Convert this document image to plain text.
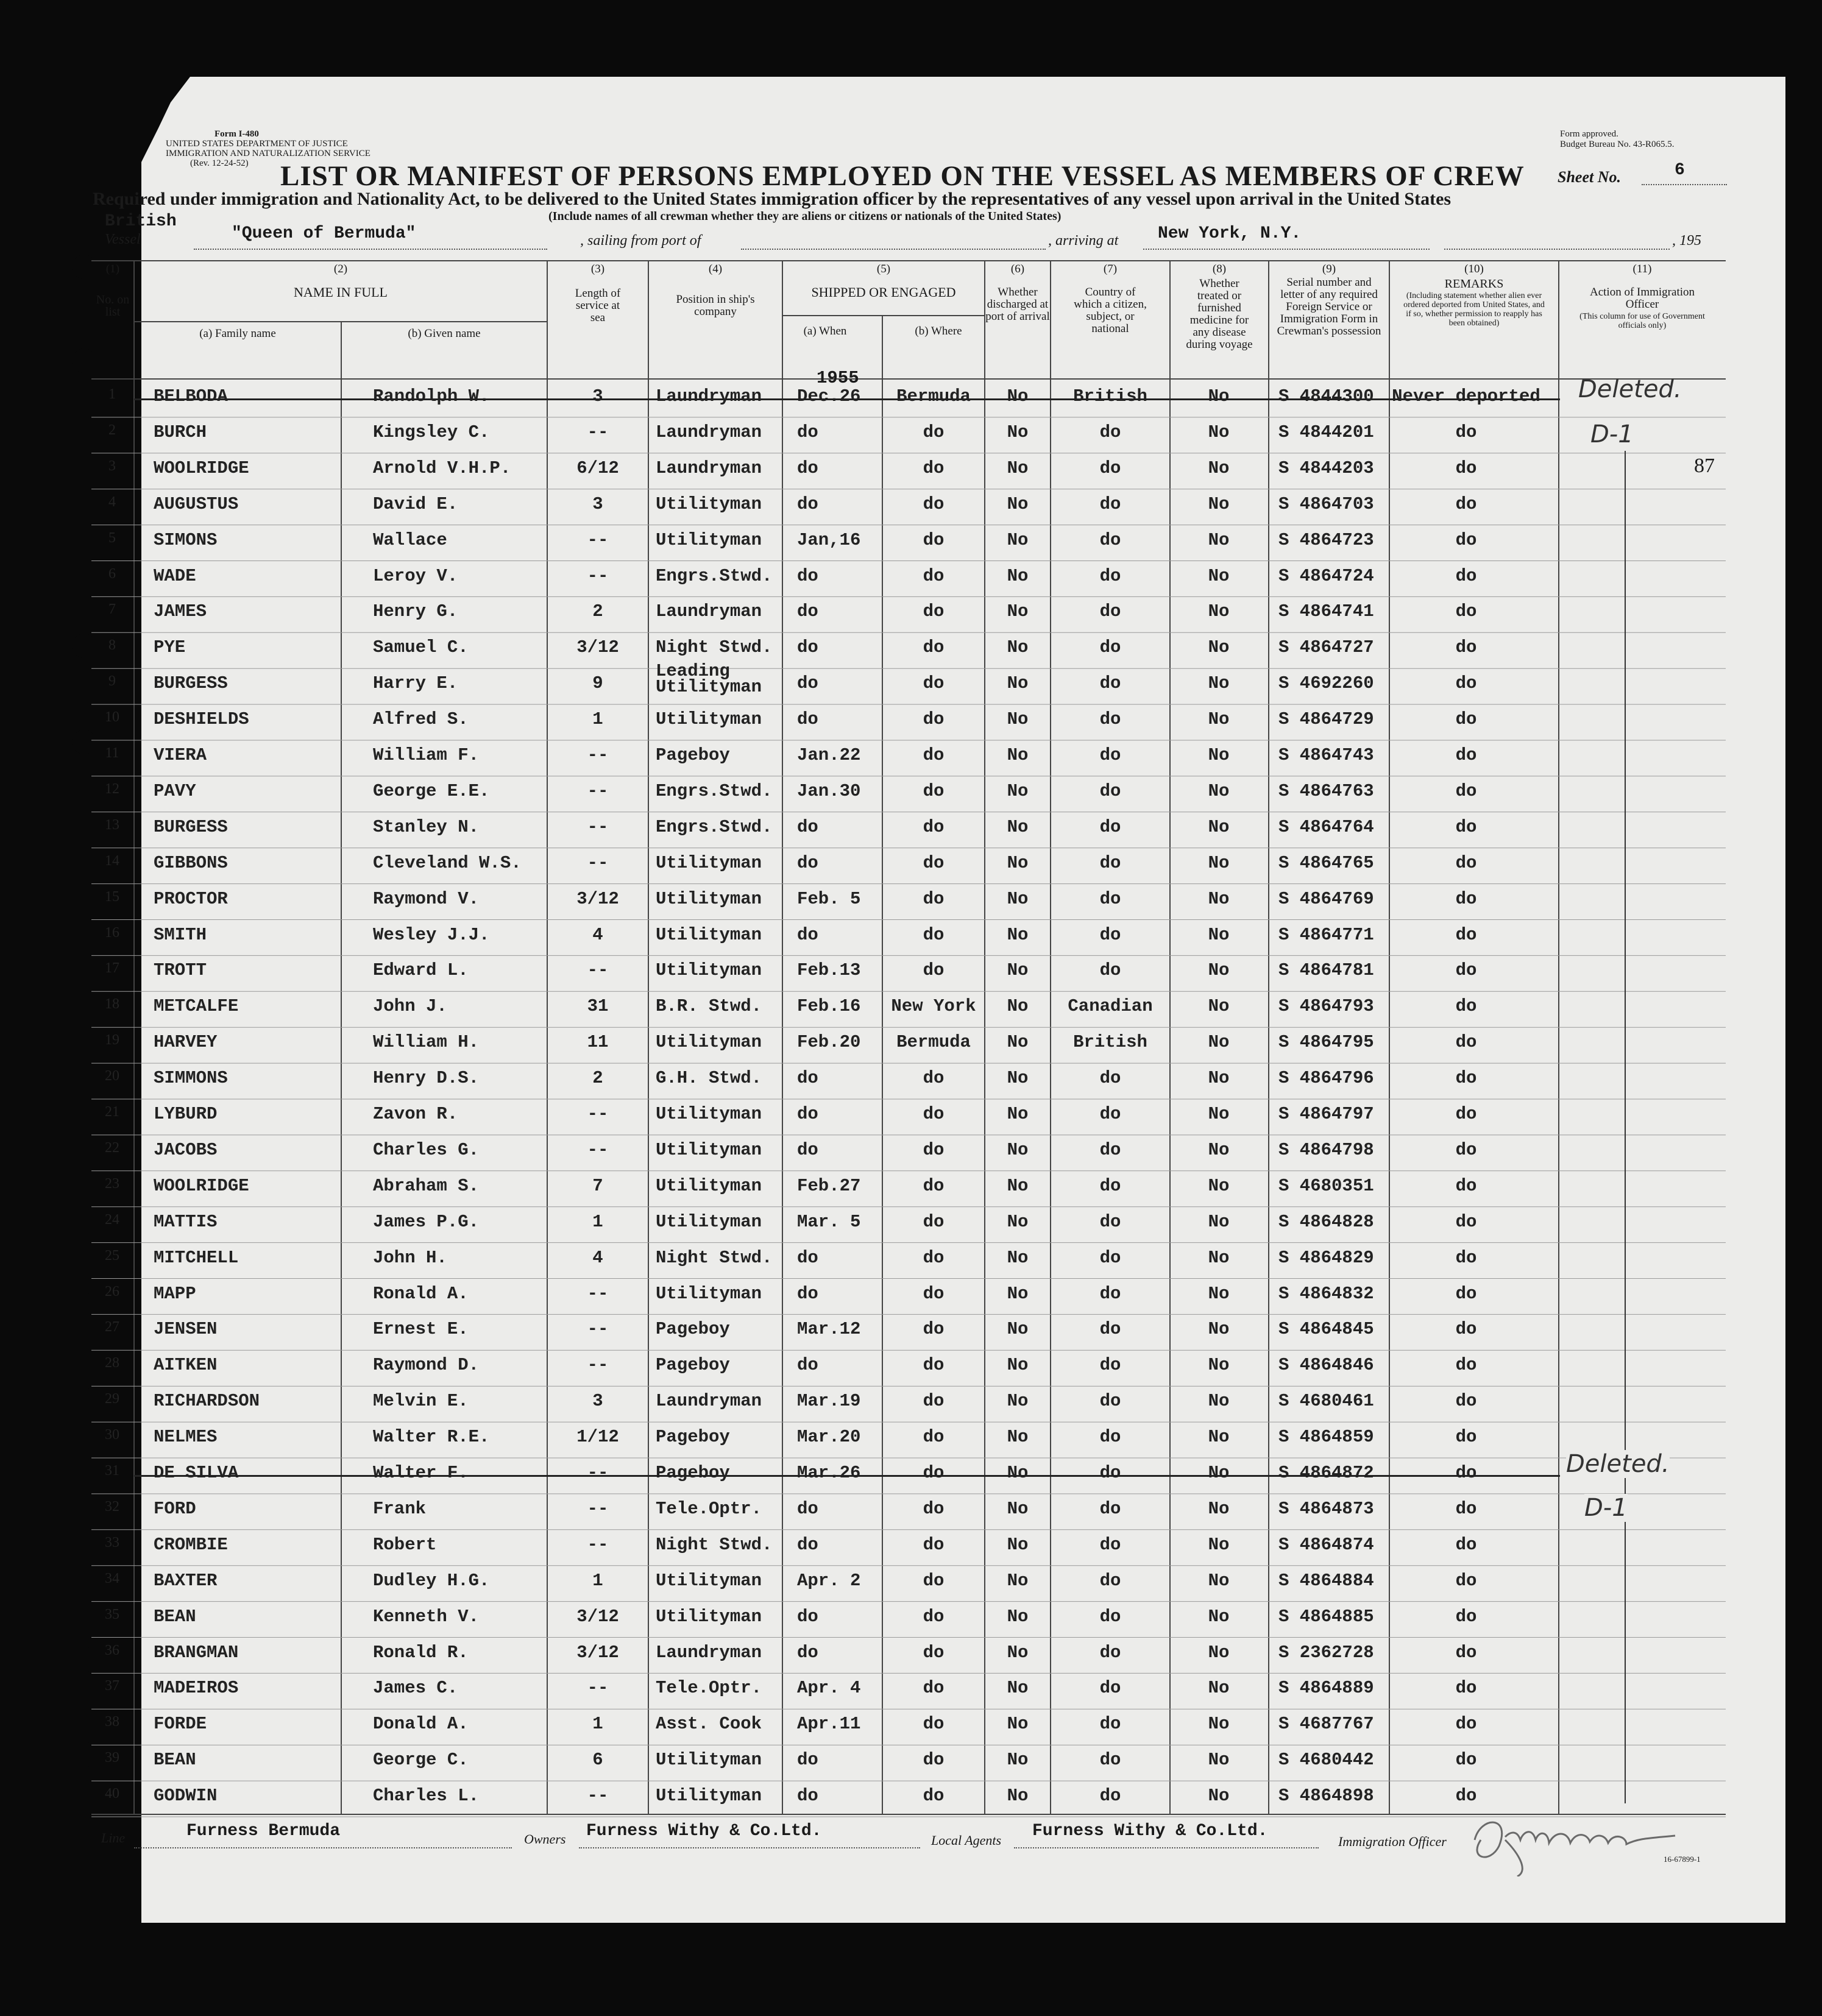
Form I-480
UNITED STATES DEPARTMENT OF JUSTICE
IMMIGRATION AND NATURALIZATION SERVICE
(Rev. 12-24-52)
Form approved.
Budget Bureau No. 43-R065.5.
LIST OR MANIFEST OF PERSONS EMPLOYED ON THE VESSEL AS MEMBERS OF CREW Sheet No.	6
Required under immigration and Nationality Act, to be delivered to the United States immigration officer by the representatives of any vessel upon arrival in the United States
British	(Include names of all crewman whether they are aliens or citizens or nationals of the United States)
Vessel	"Queen of Bermuda"	, sailing from port of	, arriving at New York, N.Y.	, 195
(1)
No. on list
(2)
NAME IN FULL
(a) Family name	(b) Given name
(3)
Length of service at sea
(4)
Position in ship's company
(5)
SHIPPED OR ENGAGED
(a) When	(b) Where
(6)
Whether discharged at port of arrival
(7)
Country of which a citizen, subject, or national
(8)
Whether treated or furnished medicine for any disease during voyage
(9)
Serial number and letter of any required Foreign Service or Immigration Form in Crewman's possession
(10)
REMARKS
(Including statement whether alien ever ordered deported from United States, and if so, whether permission to reapply has been obtained)
(11)
Action of Immigration Officer
(This column for use of Government officials only)
1955
1 BELBODA	Randolph W.	3	Laundryman Dec.26 Bermuda No	British	No	S 4844300 Never deported
2 BURCH	Kingsley C.	--	Laundryman do	do	No	do	No	S 4844201	do
3 WOOLRIDGE	Arnold V.H.P.	6/12 Laundryman do	do	No	do	No	S 4844203	do
4 AUGUSTUS	David E.	3	Utilityman do	do	No	do	No	S 4864703	do
5 SIMONS	Wallace	--	Utilityman Jan,16	do	No	do	No	S 4864723	do
6 WADE	Leroy V.	--	Engrs.Stwd. do	do	No	do	No	S 4864724	do
7 JAMES	Henry G.	2	Laundryman do	do	No	do	No	S 4864741	do
8 PYE	Samuel C.	3/12 Night Stwd. do	do	No	do	No	S 4864727	do
9 BURGESS	Harry E.	9
Leading Utilityman	do	do	No	do	No	S 4692260	do
10 DESHIELDS	Alfred S.	1	Utilityman do	do	No	do	No	S 4864729	do
11 VIERA	William F.	--	Pageboy	Jan.22	do	No	do	No	S 4864743	do
12 PAVY	George E.E.	--	Engrs.Stwd. Jan.30	do	No	do	No	S 4864763	do
13 BURGESS	Stanley N.	--	Engrs.Stwd. do	do	No	do	No	S 4864764	do
14 GIBBONS	Cleveland W.S.	--	Utilityman do	do	No	do	No	S 4864765	do
15 PROCTOR	Raymond V.	3/12 Utilityman Feb. 5	do	No	do	No	S 4864769	do
16 SMITH	Wesley J.J.	4	Utilityman do	do	No	do	No	S 4864771	do
17 TROTT	Edward L.	--	Utilityman Feb.13	do	No	do	No	S 4864781	do
18 METCALFE	John J.	31	B.R. Stwd. Feb.16 New York No Canadian	No	S 4864793	do
19 HARVEY	William H.	11	Utilityman Feb.20 Bermuda No	British	No	S 4864795	do
20 SIMMONS	Henry D.S.	2	G.H. Stwd. do	do	No	do	No	S 4864796	do
21 LYBURD	Zavon R.	--	Utilityman do	do	No	do	No	S 4864797	do
22 JACOBS	Charles G.	--	Utilityman do	do	No	do	No	S 4864798	do
23 WOOLRIDGE	Abraham S.	7	Utilityman Feb.27	do	No	do	No	S 4680351	do
24 MATTIS	James P.G.	1	Utilityman Mar. 5	do	No	do	No	S 4864828	do
25 MITCHELL	John H.	4	Night Stwd. do	do	No	do	No	S 4864829	do
26 MAPP	Ronald A.	--	Utilityman do	do	No	do	No	S 4864832	do
27 JENSEN	Ernest E.	--	Pageboy	Mar.12	do	No	do	No	S 4864845	do
28 AITKEN	Raymond D.	--	Pageboy	do	do	No	do	No	S 4864846	do
29 RICHARDSON	Melvin E.	3	Laundryman Mar.19	do	No	do	No	S 4680461	do
30 NELMES	Walter R.E.	1/12 Pageboy	Mar.20	do	No	do	No	S 4864859	do
31 DE SILVA	Walter F.	--	Pageboy	Mar.26	do	No	do	No	S 4864872	do
32 FORD	Frank	--	Tele.Optr. do	do	No	do	No	S 4864873	do
33 CROMBIE	Robert	--	Night Stwd. do	do	No	do	No	S 4864874	do
34 BAXTER	Dudley H.G.	1	Utilityman Apr. 2	do	No	do	No	S 4864884	do
35 BEAN	Kenneth V.	3/12 Utilityman do	do	No	do	No	S 4864885	do
36 BRANGMAN	Ronald R.	3/12 Laundryman do	do	No	do	No	S 2362728	do
37 MADEIROS	James C.	--	Tele.Optr. Apr. 4	do	No	do	No	S 4864889	do
38 FORDE	Donald A.	1	Asst. Cook Apr.11	do	No	do	No	S 4687767	do
39 BEAN	George C.	6	Utilityman do	do	No	do	No	S 4680442	do
40 GODWIN	Charles L.	--	Utilityman do	do	No	do	No	S 4864898	do
Deleted.
D-1
87
Deleted.
D-1
Line	Furness Bermuda	Owners Furness Withy & Co.Ltd.	Local Agents Furness Withy & Co.Ltd.
Immigration Officer
16-67899-1
